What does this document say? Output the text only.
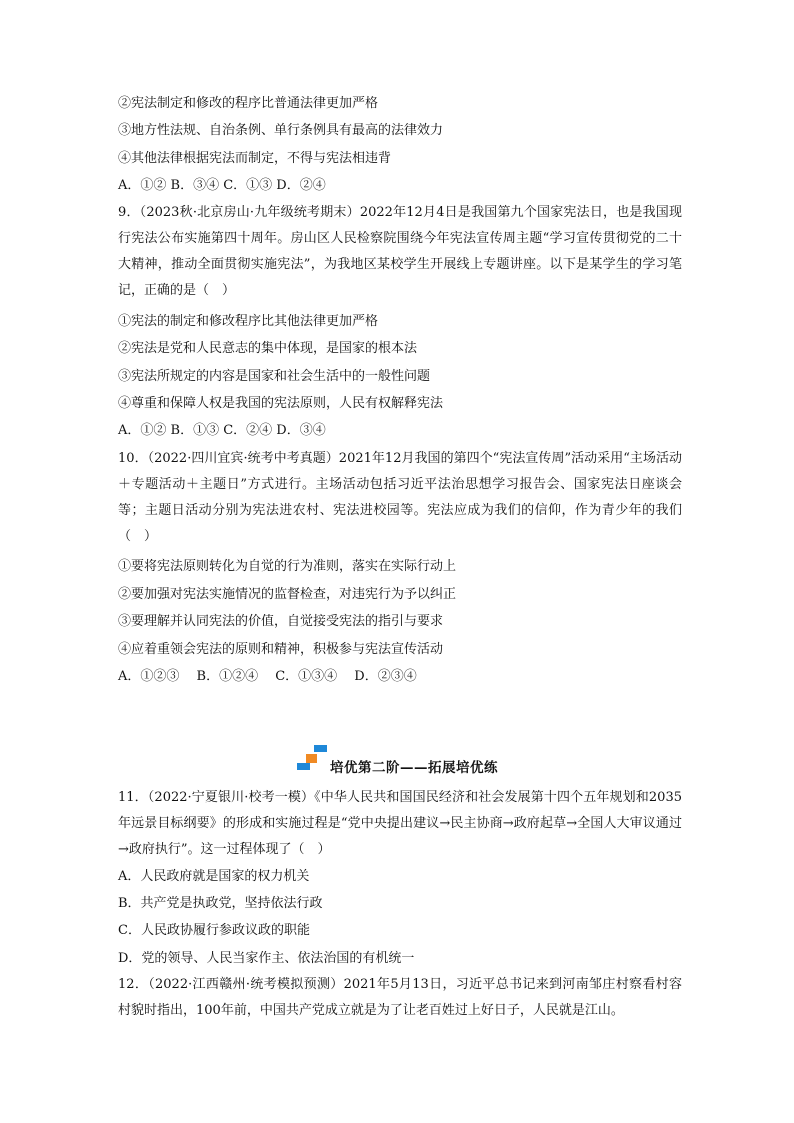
②宪法制定和修改的程序比普通法律更加严格
③地方性法规、自治条例、单行条例具有最高的法律效力
④其他法律根据宪法而制定，不得与宪法相违背
A．①② B．③④ C．①③ D．②④
9．（2023秋·北京房山·九年级统考期末）2022年12月4日是我国第九个国家宪法日，也是我国现行宪法公布实施第四十周年。房山区人民检察院围绕今年宪法宣传周主题“学习宣传贯彻党的二十大精神，推动全面贯彻实施宪法”，为我地区某校学生开展线上专题讲座。以下是某学生的学习笔记，正确的是（　）
①宪法的制定和修改程序比其他法律更加严格
②宪法是党和人民意志的集中体现，是国家的根本法
③宪法所规定的内容是国家和社会生活中的一般性问题
④尊重和保障人权是我国的宪法原则，人民有权解释宪法
A．①② B．①③ C．②④ D．③④
10．（2022·四川宜宾·统考中考真题）2021年12月我国的第四个“宪法宣传周”活动采用“主场活动＋专题活动＋主题日”方式进行。主场活动包括习近平法治思想学习报告会、国家宪法日座谈会等；主题日活动分别为宪法进农村、宪法进校园等。宪法应成为我们的信仰，作为青少年的我们（　）
①要将宪法原则转化为自觉的行为准则，落实在实际行动上
②要加强对宪法实施情况的监督检查，对违宪行为予以纠正
③要理解并认同宪法的价值，自觉接受宪法的指引与要求
④应着重领会宪法的原则和精神，积极参与宪法宣传活动
A．①②③　 B．①②④　 C．①③④　 D．②③④
培优第二阶——拓展培优练
11．（2022·宁夏银川·校考一模）《中华人民共和国国民经济和社会发展第十四个五年规划和2035年远景目标纲要》的形成和实施过程是“党中央提出建议→民主协商→政府起草→全国人大审议通过→政府执行”。这一过程体现了（　）
A．人民政府就是国家的权力机关
B．共产党是执政党，坚持依法行政
C．人民政协履行参政议政的职能
D．党的领导、人民当家作主、依法治国的有机统一
12．（2022·江西赣州·统考模拟预测）2021年5月13日，习近平总书记来到河南邹庄村察看村容村貌时指出，100年前，中国共产党成立就是为了让老百姓过上好日子，人民就是江山。
